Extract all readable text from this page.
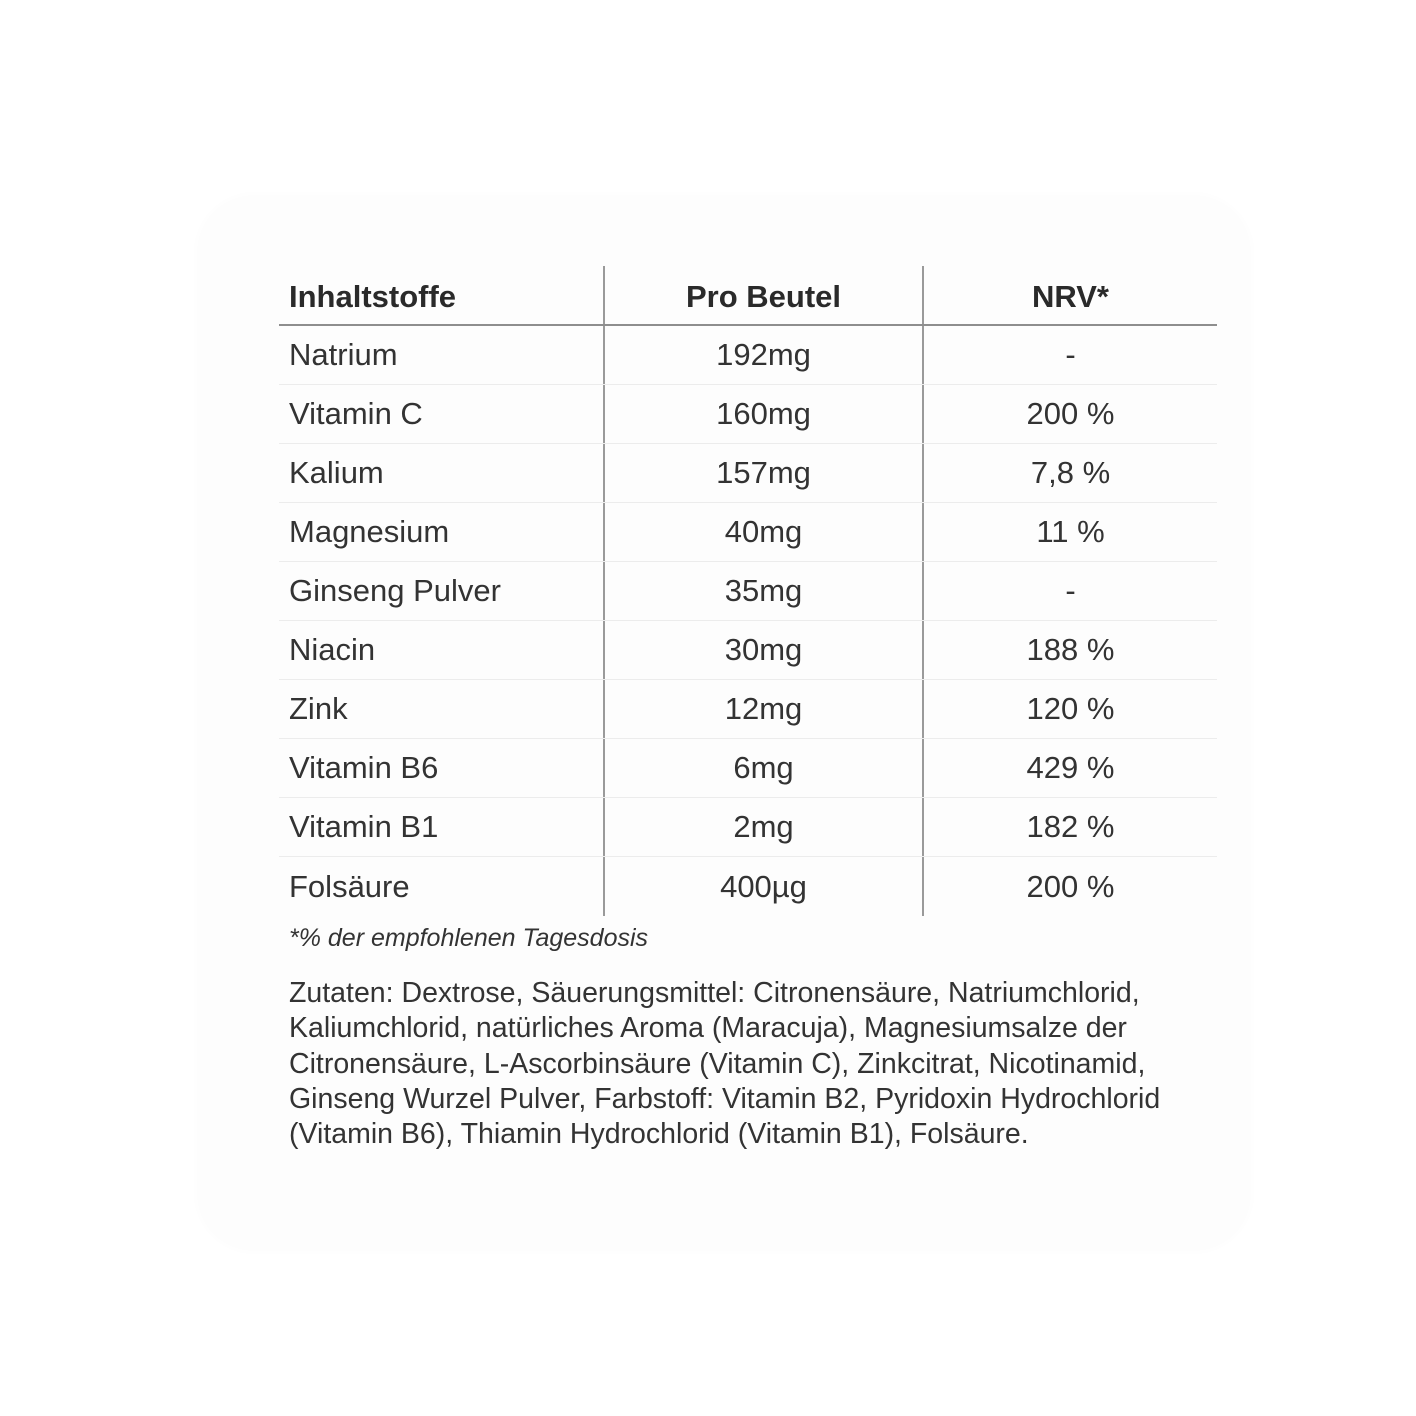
Inhaltstoffe	Pro Beutel	NRV*
Natrium	192mg	-
Vitamin C	160mg	200 %
Kalium	157mg	7,8 %
Magnesium	40mg	11 %
Ginseng Pulver	35mg	-
Niacin	30mg	188 %
Zink	12mg	120 %
Vitamin B6	6mg	429 %
Vitamin B1	2mg	182 %
Folsäure	400µg	200 %
*% der empfohlenen Tagesdosis
Zutaten: Dextrose, Säuerungsmittel: Citronensäure, Natriumchlorid, Kaliumchlorid, natürliches Aroma (Maracuja), Magnesiumsalze der Citronensäure, L-Ascorbinsäure (Vitamin C), Zinkcitrat, Nicotinamid, Ginseng Wurzel Pulver, Farbstoff: Vitamin B2, Pyridoxin Hydrochlorid (Vitamin B6), Thiamin Hydrochlorid (Vitamin B1), Folsäure.
